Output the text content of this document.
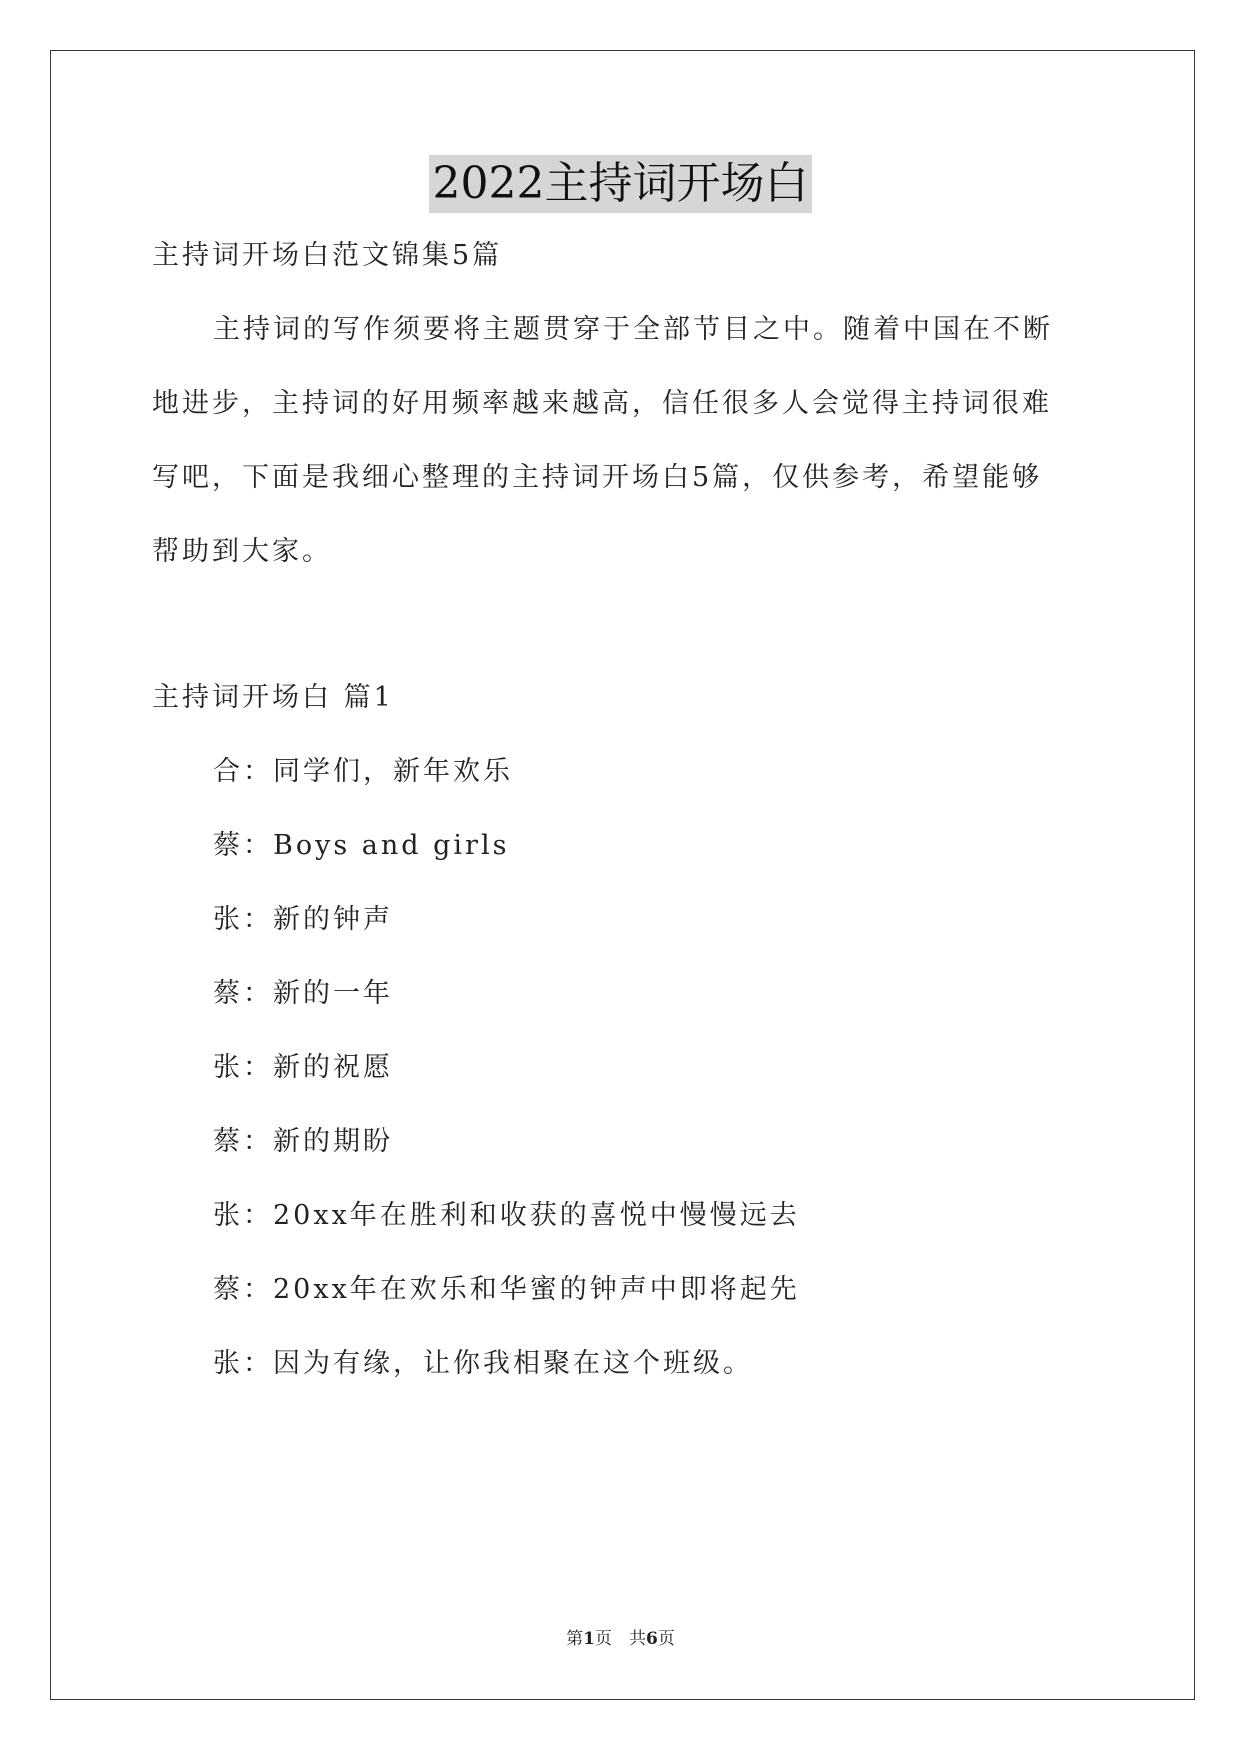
2022主持词开场白
主持词开场白范文锦集5篇
主持词的写作须要将主题贯穿于全部节目之中。随着中国在不断
地进步，主持词的好用频率越来越高，信任很多人会觉得主持词很难
写吧，下面是我细心整理的主持词开场白5篇，仅供参考，希望能够
帮助到大家。
主持词开场白 篇1
合：同学们，新年欢乐
蔡：Boys and girls
张：新的钟声
蔡：新的一年
张：新的祝愿
蔡：新的期盼
张：20xx年在胜利和收获的喜悦中慢慢远去
蔡：20xx年在欢乐和华蜜的钟声中即将起先
张：因为有缘，让你我相聚在这个班级。
第1页　共6页
